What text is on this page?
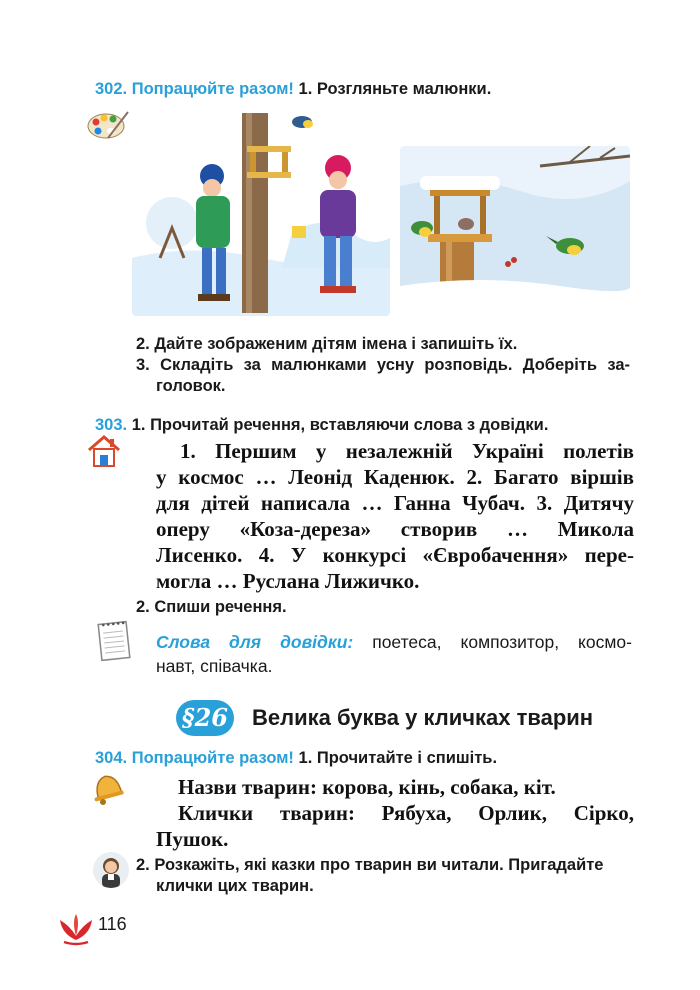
302. Попрацюйте разом! 1. Розгляньте малюнки.
2. Дайте зображеним дітям імена і запишіть їх.
3. Складіть за малюнками усну розповідь. Доберіть за-
головок.
303. 1. Прочитай речення, вставляючи слова з довідки.
1. Першим у незалежній Україні полетів
у космос … Леонід Каденюк. 2. Багато віршів
для дітей написала … Ганна Чубач. 3. Дитячу
оперу «Коза-дереза» створив … Микола
Лисенко. 4. У конкурсі «Євробачення» пере-
могла … Руслана Лижичко.
2. Спиши речення.
Слова для довідки: поетеса, композитор, космо-
навт, співачка.
§26 Велика буква у кличках тварин
304. Попрацюйте разом! 1. Прочитайте і спишіть.
Назви тварин: корова, кінь, собака, кіт.
Клички тварин: Рябуха, Орлик, Сірко,
Пушок.
2. Розкажіть, які казки про тварин ви читали. Пригадайте
клички цих тварин.
116
